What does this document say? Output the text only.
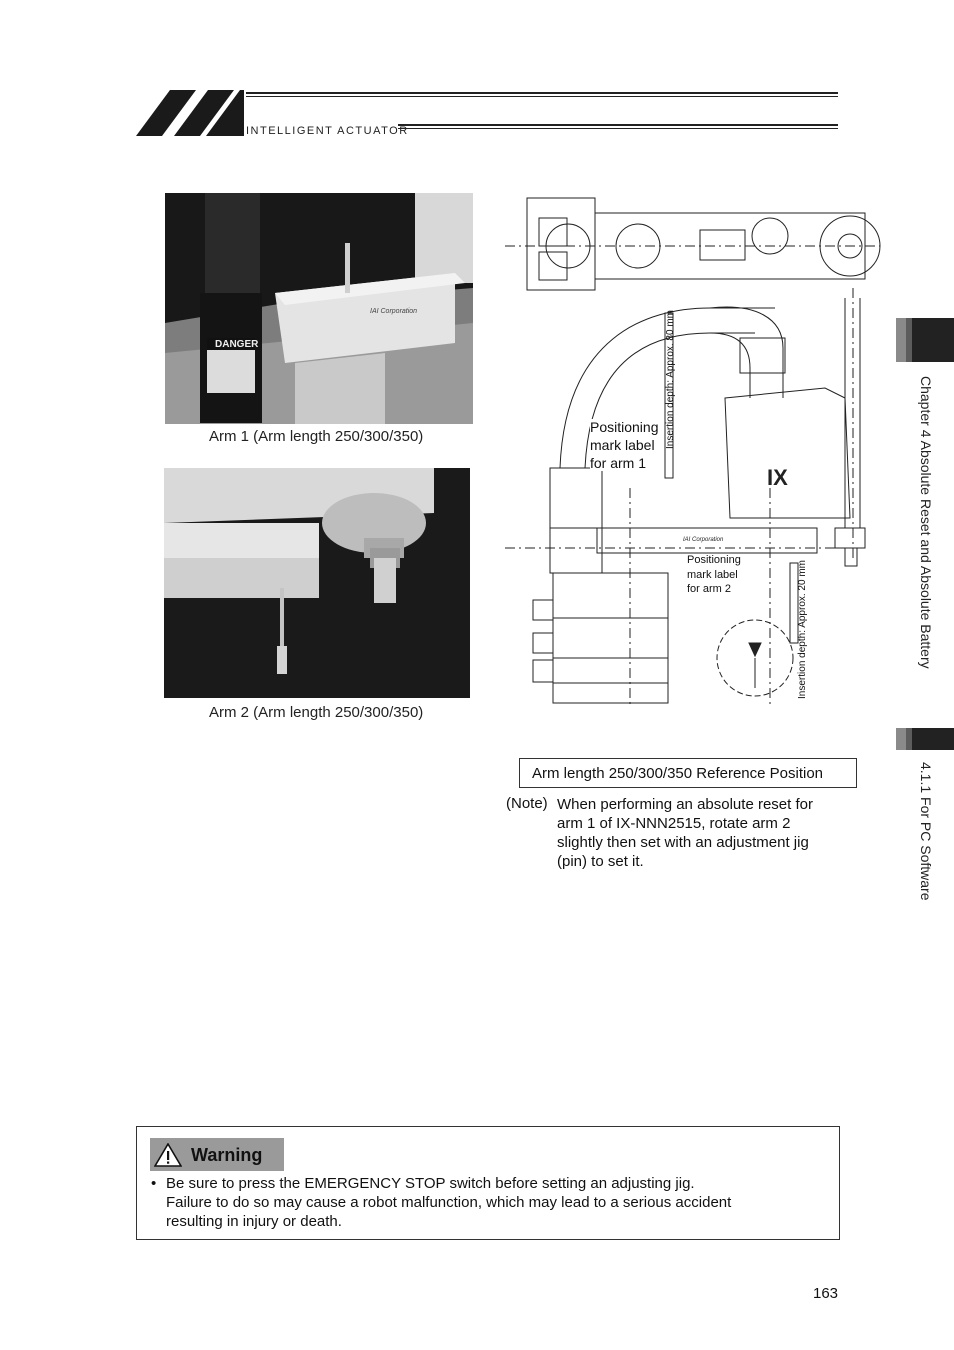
INTELLIGENT ACTUATOR
DANGER
IAI Corporation
Arm 1 (Arm length 250/300/350)
Arm 2 (Arm length 250/300/350)
Positioning
mark label
for arm 1
Positioning
mark label
for arm 2
Insertion depth: Approx. 80 mm
Insertion depth: Approx. 20 mm
IX
IAI Corporation
Arm length 250/300/350 Reference Position
(Note) When performing an absolute reset for
arm 1 of IX-NNN2515, rotate arm 2
slightly then set with an adjustment jig
(pin) to set it.
Chapter 4 Absolute Reset and Absolute Battery
4.1.1 For PC Software
Warning
• Be sure to press the EMERGENCY STOP switch before setting an adjusting jig.
Failure to do so may cause a robot malfunction, which may lead to a serious accident
resulting in injury or death.
163
